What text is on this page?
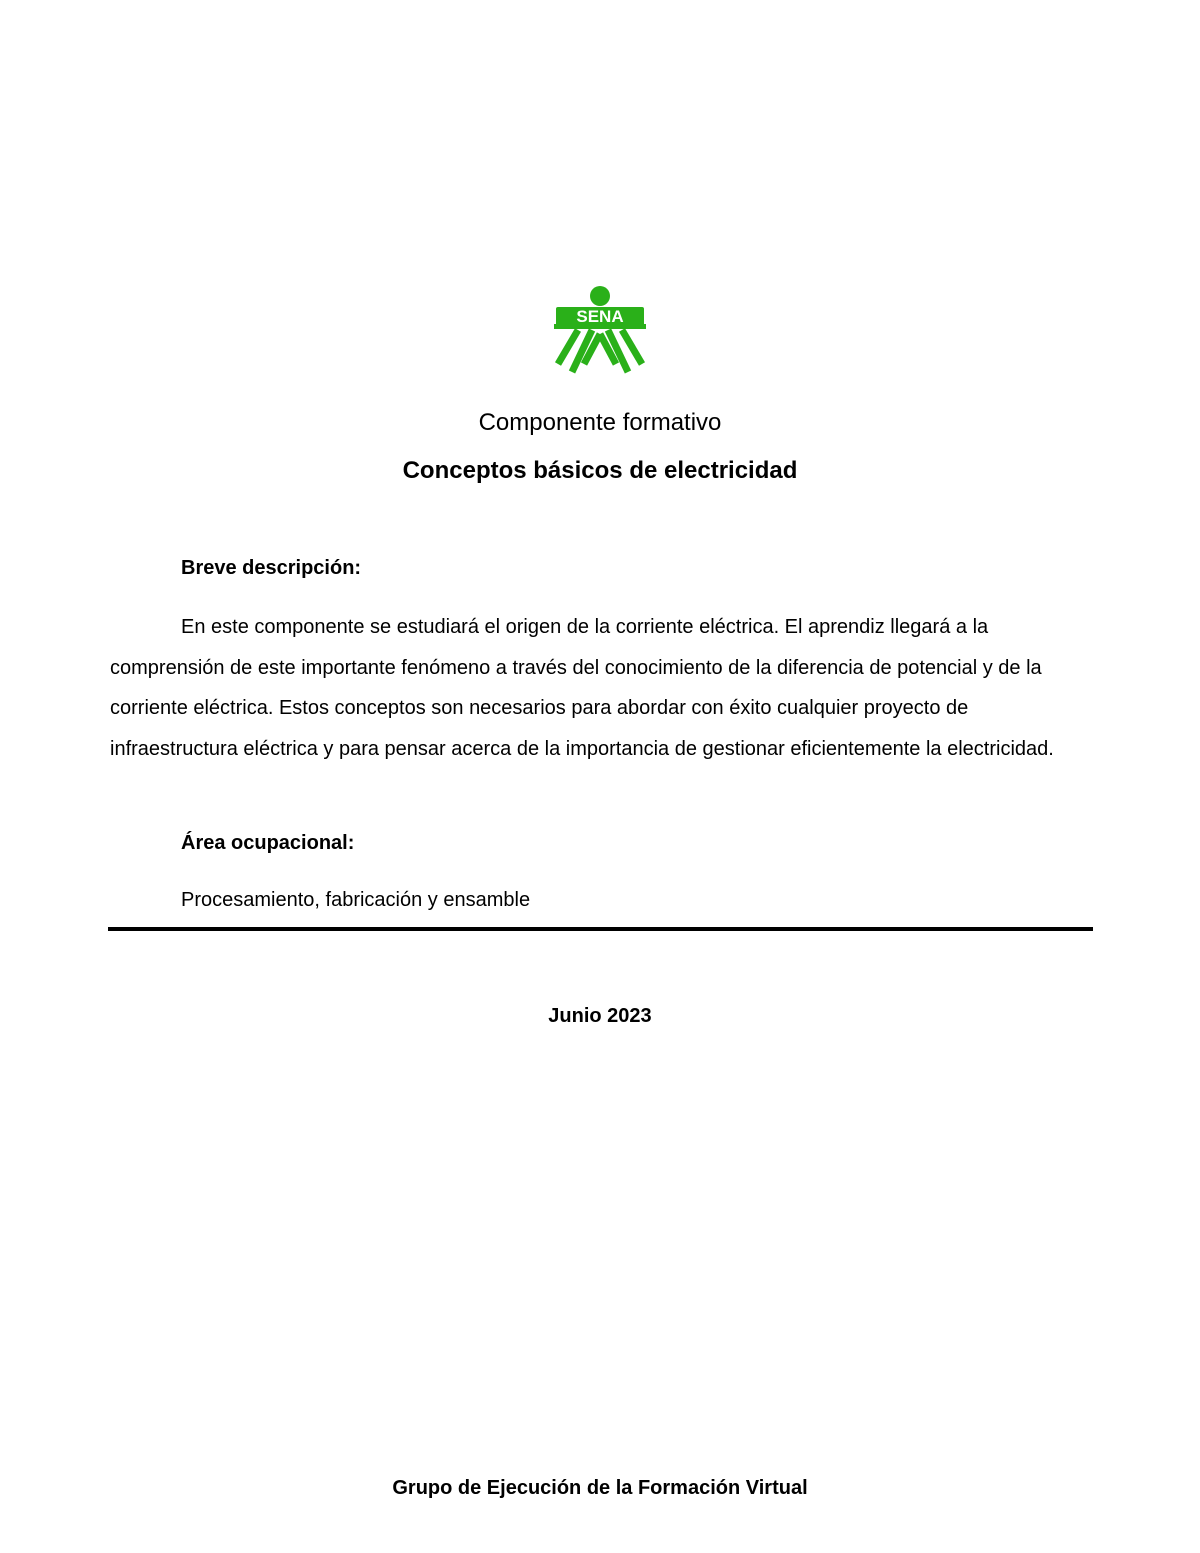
SENA
Componente formativo
Conceptos básicos de electricidad
Breve descripción:

En este componente se estudiará el origen de la corriente eléctrica. El aprendiz llegará a la comprensión de este importante fenómeno a través del conocimiento de la diferencia de potencial y de la corriente eléctrica. Estos conceptos son necesarios para abordar con éxito cualquier proyecto de infraestructura eléctrica y para pensar acerca de la importancia de gestionar eficientemente la electricidad.

Área ocupacional:
Procesamiento, fabricación y ensamble
Junio 2023
Grupo de Ejecución de la Formación Virtual
